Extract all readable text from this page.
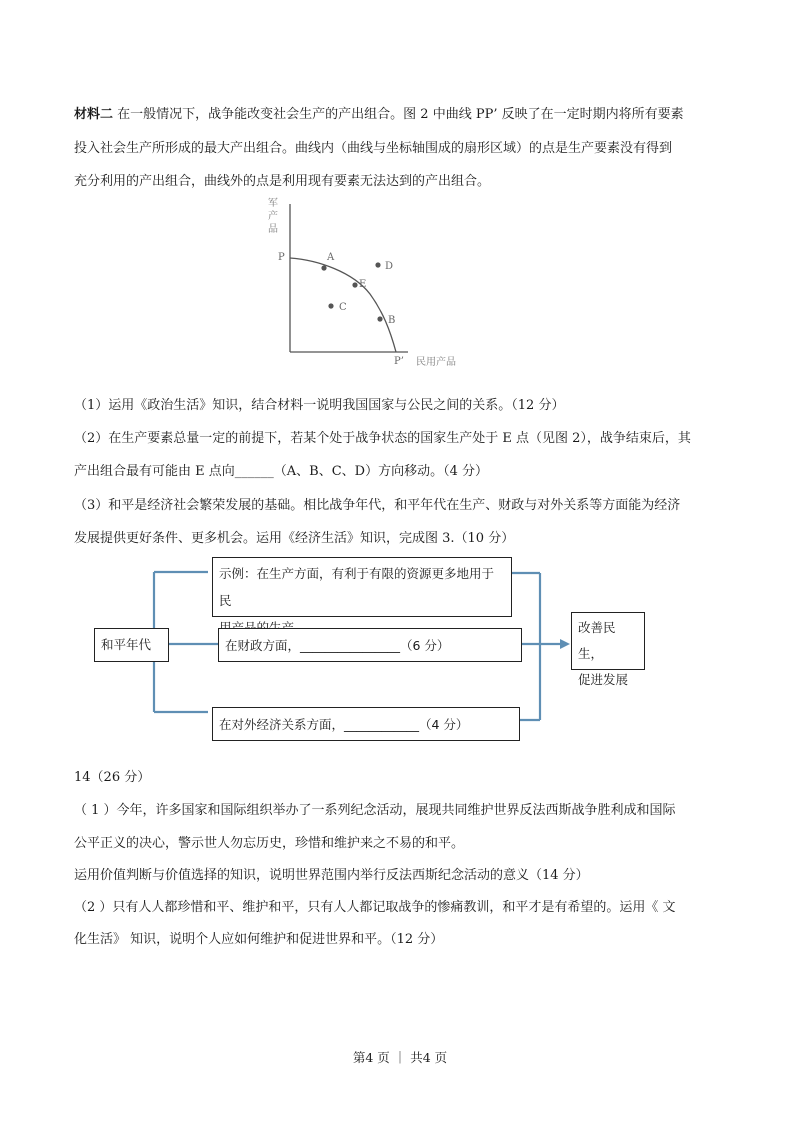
材料二 在一般情况下，战争能改变社会生产的产出组合。图 2 中曲线 PP’ 反映了在一定时期内将所有要素
投入社会生产所形成的最大产出组合。曲线内（曲线与坐标轴围成的扇形区域）的点是生产要素没有得到
充分利用的产出组合，曲线外的点是利用现有要素无法达到的产出组合。
军产品
民用产品
P	A
D
E
C
B
P’
（1）运用《政治生活》知识，结合材料一说明我国国家与公民之间的关系。（12 分）
（2）在生产要素总量一定的前提下，若某个处于战争状态的国家生产处于 E 点（见图 2），战争结束后，其
产出组合最有可能由 E 点向______（A、B、C、D）方向移动。（4 分）
（3）和平是经济社会繁荣发展的基础。相比战争年代，和平年代在生产、财政与对外关系等方面能为经济
发展提供更好条件、更多机会。运用《经济生活》知识，完成图 3.（10 分）
和平年代
示例：在生产方面，有利于有限的资源更多地用于民
在财政方面，________________（6 分）
在对外经济关系方面，____________（4 分）
改善民生，
促进发展
14（26 分）
（ 1 ）今年，许多国家和国际组织举办了一系列纪念活动，展现共同维护世界反法西斯战争胜利成和国际
公平正义的决心，警示世人勿忘历史，珍惜和维护来之不易的和平。
运用价值判断与价值选择的知识，说明世界范围内举行反法西斯纪念活动的意义（14 分）
（2 ）只有人人都珍惜和平、维护和平，只有人人都记取战争的惨痛教训，和平才是有希望的。运用《 文
化生活》 知识，说明个人应如何维护和促进世界和平。（12 分）
第4 页 ｜ 共4 页
